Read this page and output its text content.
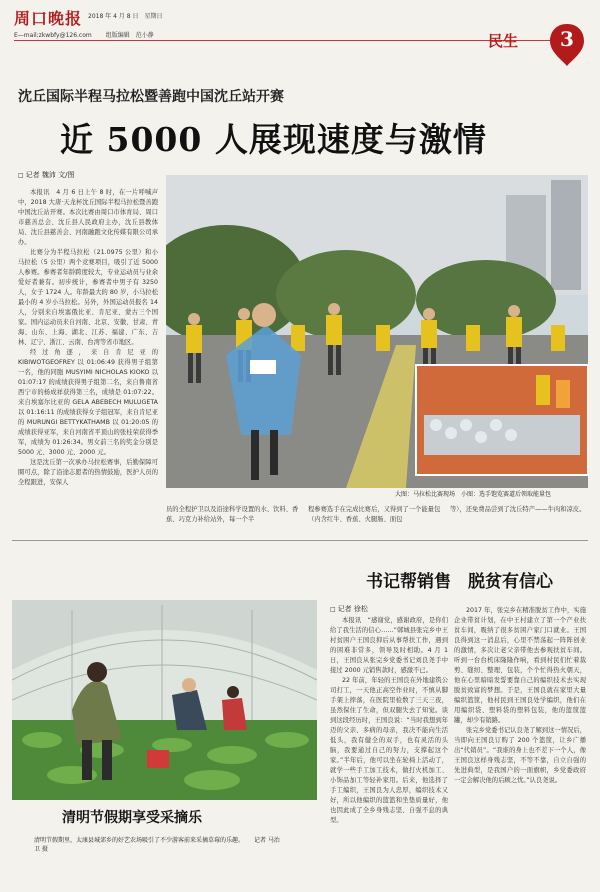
周口晚报 2018 年 4 月 8 日　星期日
E—mail:zkwbfy@126.com 组版编辑　范小静	民生	3
沈丘国际半程马拉松暨善跑中国沈丘站开赛
近 5000 人展现速度与激情
□ 记者 魏沛 文/图

本报讯　4 月 6 日上午 8 时，在一片呼喊声中，2018 大唐·天龙杯沈丘国际半程马拉松暨善跑中国沈丘站开赛。本次比赛由周口市体育局、周口市慈善总会、沈丘县人民政府主办，沈丘县教体局、沈丘县慈善会、河南融跑文化传媒有限公司承办。

比赛分为半程马拉松（21.0975 公里）和小马拉松（5 公里）两个竞赛项目，吸引了近 5000 人参赛。参赛者年龄跨度较大，专业运动员与业余爱好者兼有。初步统计，参赛者中男子有 3250 人，女子 1724 人。年龄最大的 80 岁，小马拉松最小的 4 岁小马拉松。另外，外国运动员报名 14 人，分别来自埃塞俄比亚、肯尼亚、蒙古三个国家。国内运动员来自河南、北京、安徽、甘肃、青海、山东、上海、湖北、江苏、福建、广东、吉林、辽宁、浙江、云南、台湾等省市地区。

经过角逐，来自肯尼亚的 KIBIWOTGEOFREY 以 01:06:49 获得男子组第一名，他的同胞 MUSYIMI NICHOLAS KIOKO 以 01:07:17 的成绩获得男子组第二名，来自鲁南省西宁市的杨成祥获得第三名，成绩是 01:07:22。来自埃塞尔比亚的 GELA ABEBECH MULUGETA 以 01:16:11 的成绩获得女子组冠军，来自肯尼亚的 MURUNGI BETTYKATHAMB 以 01:20:05 的成绩获得亚军，来自河南省平顶山的张桂荣获得季军，成绩为 01:26:34。男女前三名的奖金分别是 5000 元、3000 元、2000 元。

这是沈丘第一次承办马拉松赛事，后勤保障可圈可点，除了沿途志愿者的热情鼓励，医护人员的全程跟进，安保人

大图：马拉松比赛现场　小图：选手饱览赛道后领取能量包
员的全程护卫以及沿途科学设置的水、饮料、香蕉、巧克力补给站外，每一个半
程参赛选手在完成比赛后，又得到了一个能量包（内含红牛、香蕉、火腿肠、面包
等），还免费品尝到了沈丘特产——牛肉和凉皮。
书记帮销售　脱贫有信心
□ 记者 徐松

本报讯　“感谢党，感谢政府，是你们给了我生活的信心……”郸城县张完乡中王村贫困户王国良抑后从事帮扶工作，遇到的困难非常多，领导及时相助。4 月 1 日，王国良从张完乡党委书记刘良尧手中接过 2000 元销售款时，感激不已。

22 年前，年轻的王国良在外地建筑公司打工，一天他正高空作业时，不慎从脚手架上摔落，在医院里检数了三天三夜，虽然保住了生命，但双腿失去了知觉。谈到这段经历时，王国良说：“当时我想到年迈的父亲、多病的母亲，我决不能向生活低头，我有健全的双手，也有灵活的头脑，我要通过自己的努力，支撑起这个家。”半年后，他可以坐在轮椅上活动了，就学一些手工加工技术，做打火机加工、小饰品加工等轻补家用。后来，他选择了手工编织，王国良为人忠厚，编织技术又好，所以他编织的篮篮和坐垫质量好，他也因此成了全乡身残志坚、自强不息的典型。

2017 年，张完乡在精准脱贫工作中，实施企业带贫计划，在中王村建立了第一个产业扶贫车间，吸纳了很多贫困户家门口就业。王国良得到这一消息后，心里不禁荡起一阵阵创业的激情，多次让老父亲带他去参观扶贫车间。听到一台台机床隆隆作响，看到村民们忙着裁剪、缝纫、整理、包装，个个忙得热火朝天，他在心里暗暗发誓要靠自己的编织技术去实现脱贫致富的梦想。于是，王国良就在家里大量编织篮筐，他村民到王国良处学编织，他们在用编织袋、塑料袋的塑料包装，他的篮筐篮罐，却少有销路。

张完乡党委书记认良尧了解到这一情况后，当即向王国良订购了 200 个篮筐，让乡广播出“代销员”。“我谁的身上也不差下一个人，像王国良这样身残志坚，不等不靠，自立自强的先进典型，是我国户的一面旗帜，乡党委政府一定会解决他的后顾之忧。”认良尧说。

清明节假期享受采摘乐
清明节假期里，太康县城郊乡的好艺农场吸引了不少游客前来采摘草莓的乐趣。 记者 马治卫 摄
